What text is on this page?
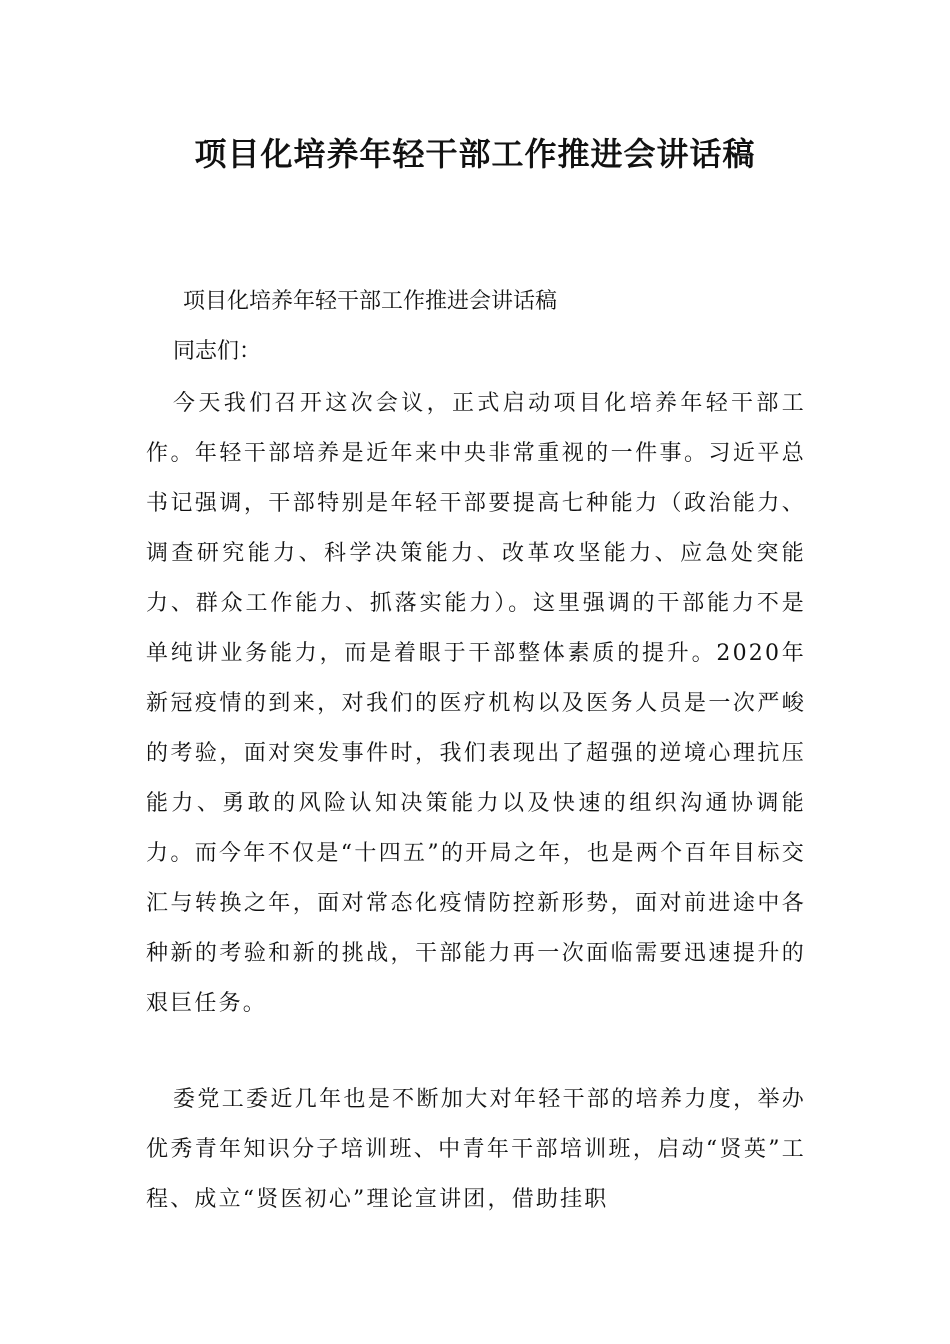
项目化培养年轻干部工作推进会讲话稿

项目化培养年轻干部工作推进会讲话稿

同志们：

今天我们召开这次会议，正式启动项目化培养年轻干部工作。年轻干部培养是近年来中央非常重视的一件事。习近平总书记强调，干部特别是年轻干部要提高七种能力（政治能力、调查研究能力、科学决策能力、改革攻坚能力、应急处突能力、群众工作能力、抓落实能力）。这里强调的干部能力不是单纯讲业务能力，而是着眼于干部整体素质的提升。2020年新冠疫情的到来，对我们的医疗机构以及医务人员是一次严峻的考验，面对突发事件时，我们表现出了超强的逆境心理抗压能力、勇敢的风险认知决策能力以及快速的组织沟通协调能力。而今年不仅是“十四五”的开局之年，也是两个百年目标交汇与转换之年，面对常态化疫情防控新形势，面对前进途中各种新的考验和新的挑战，干部能力再一次面临需要迅速提升的艰巨任务。

委党工委近几年也是不断加大对年轻干部的培养力度，举办优秀青年知识分子培训班、中青年干部培训班，启动“贤英”工程、成立“贤医初心”理论宣讲团，借助挂职
